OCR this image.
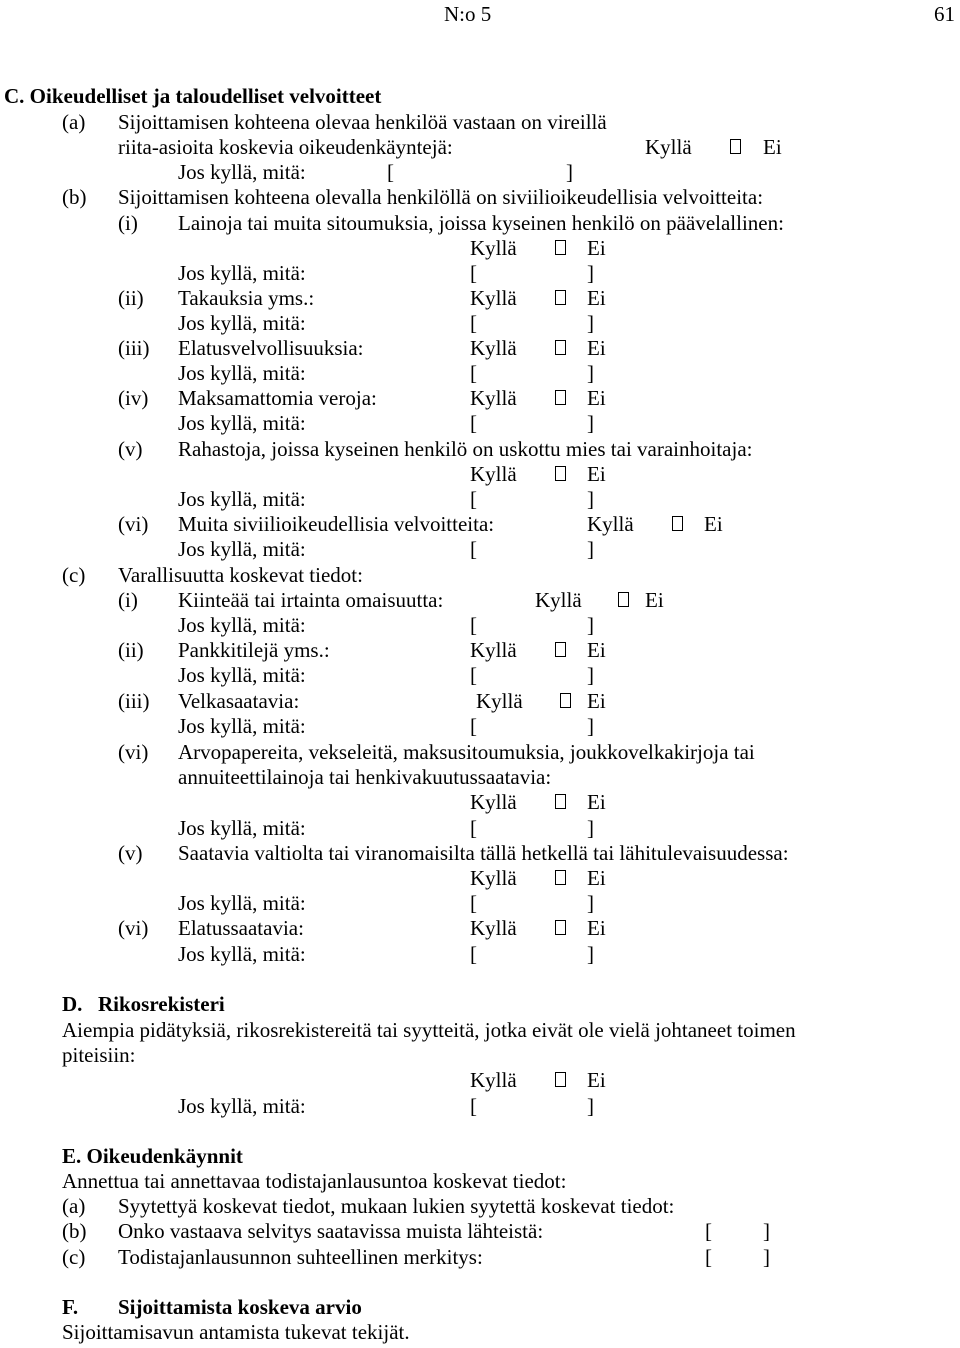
N:o 5	61
C. Oikeudelliset ja taloudelliset velvoitteet
(a) Sijoittamisen kohteena olevaa henkilöä vastaan on vireillä
riita-asioita koskevia oikeudenkäyntejä:	Kyllä	Ei
Jos kyllä, mitä:	[	]
(b) Sijoittamisen kohteena olevalla henkilöllä on siviilioikeudellisia velvoitteita:
(i) Lainoja tai muita sitoumuksia, joissa kyseinen henkilö on päävelallinen:
Kyllä	Ei
Jos kyllä, mitä:	[	]
(ii) Takauksia yms.:	Kyllä	Ei
Jos kyllä, mitä:	[	]
(iii) Elatusvelvollisuuksia:	Kyllä	Ei
Jos kyllä, mitä:	[	]
(iv) Maksamattomia veroja:	Kyllä	Ei
Jos kyllä, mitä:	[	]
(v) Rahastoja, joissa kyseinen henkilö on uskottu mies tai varainhoitaja:
Kyllä	Ei
Jos kyllä, mitä:	[	]
(vi) Muita siviilioikeudellisia velvoitteita:	Kyllä	Ei
Jos kyllä, mitä:	[	]
(c) Varallisuutta koskevat tiedot:
(i) Kiinteää tai irtainta omaisuutta:	Kyllä	Ei
Jos kyllä, mitä:	[	]
(ii) Pankkitilejä yms.:	Kyllä	Ei
Jos kyllä, mitä:	[	]
(iii) Velkasaatavia:	Kyllä	Ei
Jos kyllä, mitä:	[	]
(vi) Arvopapereita, vekseleitä, maksusitoumuksia, joukkovelkakirjoja tai
annuiteettilainoja tai henkivakuutussaatavia:
Kyllä	Ei
Jos kyllä, mitä:	[	]
(v) Saatavia valtiolta tai viranomaisilta tällä hetkellä tai lähitulevaisuudessa:
Kyllä	Ei
Jos kyllä, mitä:	[	]
(vi) Elatussaatavia:	Kyllä	Ei
Jos kyllä, mitä:	[	]
D. Rikosrekisteri
Aiempia pidätyksiä, rikosrekistereitä tai syytteitä, jotka eivät ole vielä johtaneet toimen
piteisiin:
Kyllä	Ei
Jos kyllä, mitä:	[	]
E. Oikeudenkäynnit
Annettua tai annettavaa todistajanlausuntoa koskevat tiedot:
(a) Syytettyä koskevat tiedot, mukaan lukien syytettä koskevat tiedot:
(b) Onko vastaava selvitys saatavissa muista lähteistä:	[ ]
(c) Todistajanlausunnon suhteellinen merkitys:	[ ]
F. Sijoittamista koskeva arvio
Sijoittamisavun antamista tukevat tekijät.
